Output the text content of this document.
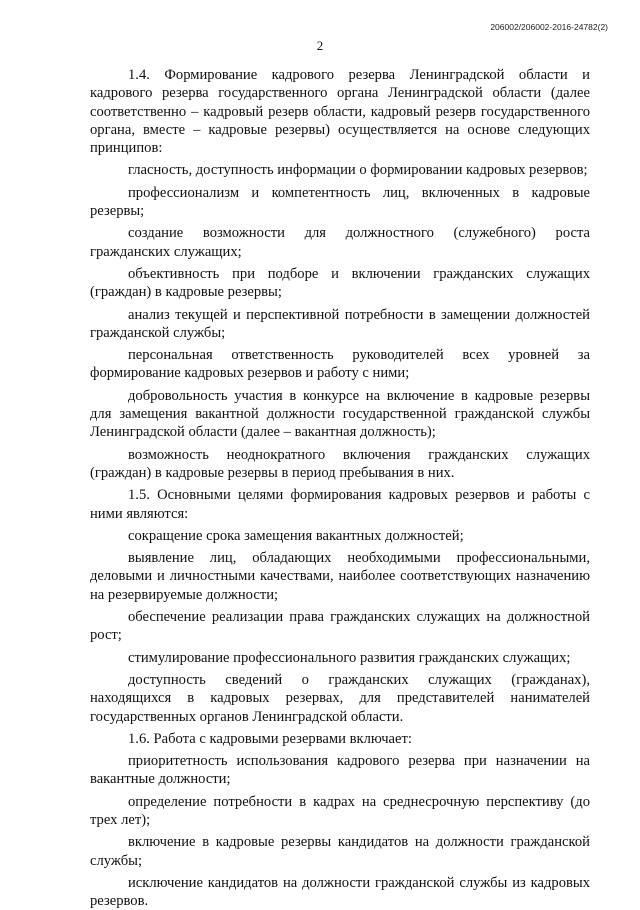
206002/206002-2016-24782(2)
2

1.4. Формирование кадрового резерва Ленинградской области и кадрового резерва государственного органа Ленинградской области (далее соответственно – кадровый резерв области, кадровый резерв государственного органа, вместе – кадровые резервы) осуществляется на основе следующих принципов:

гласность, доступность информации о формировании кадровых резервов;

профессионализм и компетентность лиц, включенных в кадровые резервы;

создание возможности для должностного (служебного) роста гражданских служащих;

объективность при подборе и включении гражданских служащих (граждан) в кадровые резервы;

анализ текущей и перспективной потребности в замещении должностей гражданской службы;

персональная ответственность руководителей всех уровней за формирование кадровых резервов и работу с ними;

добровольность участия в конкурсе на включение в кадровые резервы для замещения вакантной должности государственной гражданской службы Ленинградской области (далее – вакантная должность);

возможность неоднократного включения гражданских служащих (граждан) в кадровые резервы в период пребывания в них.

1.5. Основными целями формирования кадровых резервов и работы с ними являются:

сокращение срока замещения вакантных должностей;

выявление лиц, обладающих необходимыми профессиональными, деловыми и личностными качествами, наиболее соответствующих назначению на резервируемые должности;

обеспечение реализации права гражданских служащих на должностной рост;

стимулирование профессионального развития гражданских служащих;

доступность сведений о гражданских служащих (гражданах), находящихся в кадровых резервах, для представителей нанимателей государственных органов Ленинградской области.

1.6. Работа с кадровыми резервами включает:

приоритетность использования кадрового резерва при назначении на вакантные должности;

определение потребности в кадрах на среднесрочную перспективу (до трех лет);

включение в кадровые резервы кандидатов на должности гражданской службы;

исключение кандидатов на должности гражданской службы из кадровых резервов.
